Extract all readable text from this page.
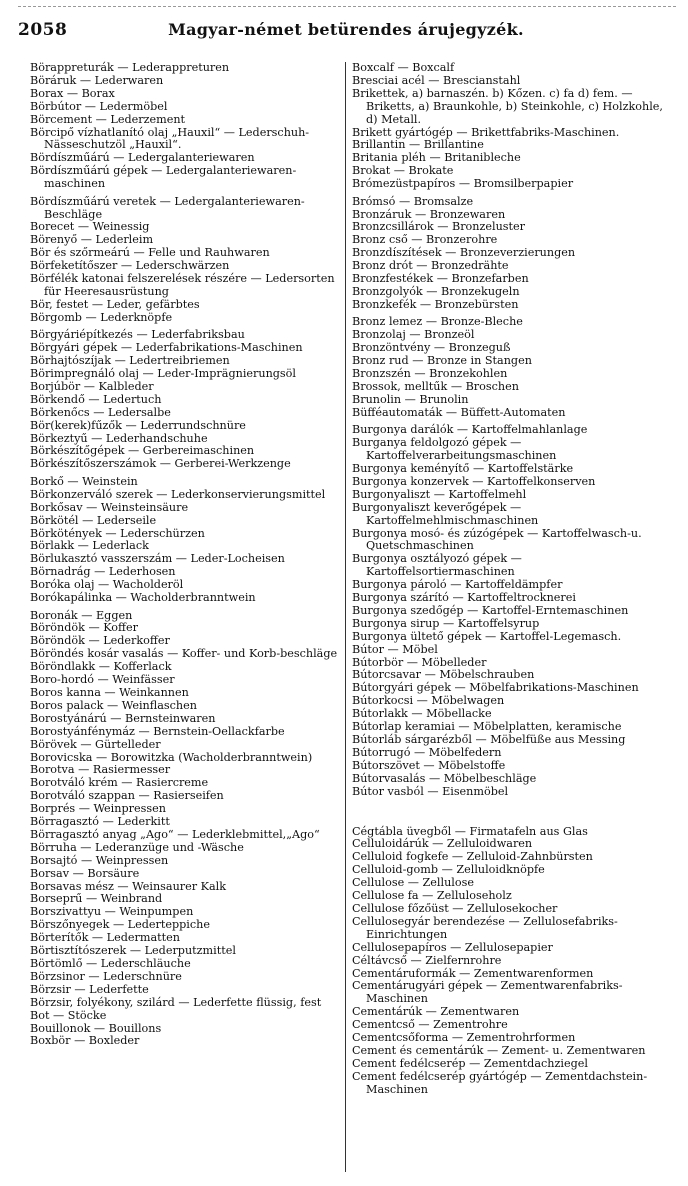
2058	Magyar-német betürendes árujegyzék.
Börappreturák — Lederappreturen
Böráruk — Lederwaren
Borax — Borax
Börbútor — Ledermöbel
Börcement — Lederzement
Börcipő vízhatlanító olaj „Hauxil“ — Lederschuh-Nässeschutzöl „Hauxil“.
Bördíszműárú — Ledergalanteriewaren
Bördíszműárú gépek — Ledergalanteriewaren-maschinen
Bördíszműárú veretek — Ledergalanteriewaren-Beschläge
Borecet — Weinessig
Börenyő — Lederleim
Bör és szőrmeárú — Felle und Rauhwaren
Börfeketítőszer — Lederschwärzen
Börfélék katonai felszerelések részére — Ledersorten für Heeresausrüstung
Bör, festet — Leder, gefärbtes
Börgomb — Lederknöpfe
Börgyáriépítkezés — Lederfabriksbau
Börgyári gépek — Lederfabrikations-Maschinen
Börhajtószíjak — Ledertreibriemen
Börimpregnáló olaj — Leder-Imprägnierungsöl
Borjúbör — Kalbleder
Börkendő — Ledertuch
Börkenőcs — Ledersalbe
Bör(kerek)fűzők — Lederrundschnüre
Börkeztyű — Lederhandschuhe
Börkészítőgépek — Gerbereimaschinen
Börkészítőszerszámok — Gerberei-Werkzenge
Borkő — Weinstein
Börkonzerváló szerek — Lederkonservierungsmittel
Borkősav — Weinsteinsäure
Börkötél — Lederseile
Börkötények — Lederschürzen
Börlakk — Lederlack
Börlukasztó vasszerszám — Leder-Locheisen
Börnadrág — Lederhosen
Boróka olaj — Wacholderöl
Borókapálinka — Wacholderbranntwein
Boronák — Eggen
Böröndök — Koffer
Böröndök — Lederkoffer
Böröndés kosár vasalás — Koffer- und Korb-beschläge
Böröndlakk — Kofferlack
Boro-hordó — Weinfässer
Boros kanna — Weinkannen
Boros palack — Weinflaschen
Borostyánárú — Bernsteinwaren
Borostyánfénymáz — Bernstein-Oellackfarbe
Börövek — Gürtelleder
Borovicska — Borowitzka (Wacholderbranntwein)
Borotva — Rasiermesser
Borotváló krém — Rasiercreme
Borotváló szappan — Rasierseifen
Borprés — Weinpressen
Börragasztó — Lederkitt
Börragasztó anyag „Ago“ — Lederklebmittel,„Ago“
Börruha — Lederanzüge und -Wäsche
Borsajtó — Weinpressen
Borsav — Borsäure
Borsavas mész — Weinsaurer Kalk
Borseprű — Weinbrand
Borszivattyu — Weinpumpen
Börszőnyegek — Lederteppiche
Börterítők — Ledermatten
Börtisztítószerek — Lederputzmittel
Börtömlő — Lederschläuche
Börzsinor — Lederschnüre
Börzsir — Lederfette
Börzsir, folyékony, szilárd — Lederfette flüssig, fest
Bot — Stöcke
Bouillonok — Bouillons
Boxbör — Boxleder
Boxcalf — Boxcalf
Bresciai acél — Brescianstahl
Brikettek, a) barnaszén. b) Kőzen. c) fa d) fem. — Briketts, a) Braunkohle, b) Steinkohle, c) Holzkohle, d) Metall.
Brikett gyártógép — Brikettfabriks-Maschinen.
Brillantin — Brillantine
Britania pléh — Britanibleche
Brokat — Brokate
Brómezüstpapíros — Bromsilberpapier
Brómsó — Bromsalze
Bronzáruk — Bronzewaren
Bronzcsillárok — Bronzeluster
Bronz cső — Bronzerohre
Bronzdíszítések — Bronzeverzierungen
Bronz drót — Bronzedrähte
Bronzfestékek — Bronzefarben
Bronzgolyók — Bronzekugeln
Bronzkefék — Bronzebürsten
Bronz lemez — Bronze-Bleche
Bronzolaj — Bronzeöl
Bronzöntvény — Bronzeguß
Bronz rud — Bronze in Stangen
Bronzszén — Bronzekohlen
Brossok, melltűk — Broschen
Brunolin — Brunolin
Büfféautomaták — Büffett-Automaten
Burgonya darálók — Kartoffelmahlanlage
Burganya feldolgozó gépek — Kartoffelverarbeitungsmaschinen
Burgonya keményítő — Kartoffelstärke
Burgonya konzervek — Kartoffelkonserven
Burgonyaliszt — Kartoffelmehl
Burgonyaliszt keverőgépek — Kartoffelmehlmischmaschinen
Burgonya mosó- és zúzógépek — Kartoffelwasch-u. Quetschmaschinen
Burgonya osztályozó gépek — Kartoffelsortiermaschinen
Burgonya pároló — Kartoffeldämpfer
Burgonya szárító — Kartoffeltrocknerei
Burgonya szedőgép — Kartoffel-Erntemaschinen
Burgonya sirup — Kartoffelsyrup
Burgonya ültető gépek — Kartoffel-Legemasch.
Bútor — Möbel
Bútorbör — Möbelleder
Bútorcsavar — Möbelschrauben
Bútorgyári gépek — Möbelfabrikations-Maschinen
Bútorkocsi — Möbelwagen
Bútorlakk — Möbellacke
Bútorlap keramiai — Möbelplatten, keramische
Bútorláb sárgarézből — Möbelfüße aus Messing
Bútorrugó — Möbelfedern
Bútorszövet — Möbelstoffe
Bútorvasalás — Möbelbeschläge
Bútor vasból — Eisenmöbel
Cégtábla üvegből — Firmatafeln aus Glas
Celluloidárúk — Zelluloidwaren
Celluloid fogkefe — Zelluloid-Zahnbürsten
Celluloid-gomb — Zelluloidknöpfe
Cellulose — Zellulose
Cellulose fa — Zelluloseholz
Cellulose főzőüst — Zellulosekocher
Cellulosegyár berendezése — Zellulosefabriks-Einrichtungen
Cellulosepapíros — Zellulosepapier
Céltávcső — Zielfernrohre
Cementáruformák — Zementwarenformen
Cementárugyári gépek — Zementwarenfabriks-Maschinen
Cementárúk — Zementwaren
Cementcső — Zementrohre
Cementcsőforma — Zementrohrformen
Cement és cementárúk — Zement- u. Zementwaren
Cement fedélcserép — Zementdachziegel
Cement fedélcserép gyártógép — Zementdachstein-Maschinen
